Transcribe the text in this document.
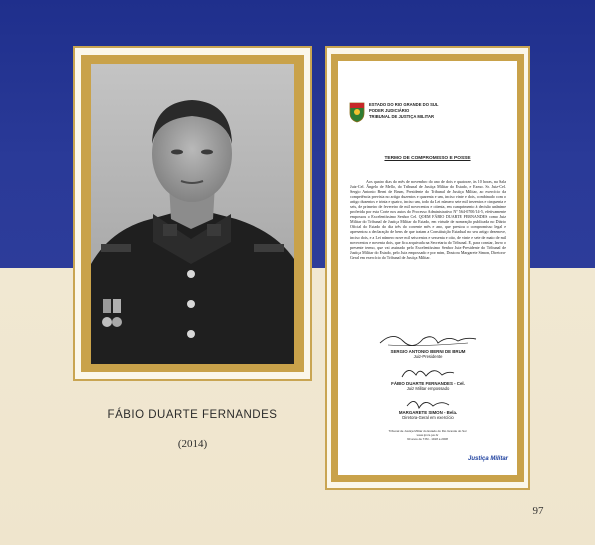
FÁBIO DUARTE FERNANDES
(2014)
ESTADO DO RIO GRANDE DO SUL
PODER JUDICIÁRIO
TRIBUNAL DE JUSTIÇA MILITAR
TERMO DE COMPROMISSO E POSSE
Aos quatro dias do mês de novembro do ano de dois e quatorze, às 10 horas, na Sala Juiz-Cel. Ângelo de Mello, do Tribunal de Justiça Militar do Estado, e Exmo. Sr. Juiz-Cel. Sergio Antonio Berni de Brum, Presidente do Tribunal de Justiça Militar, ao exercício da competência prevista no artigo duzentos e quarenta e um, inciso vinte e dois, combinado com o artigo duzentos e trinta e quatro, inciso um, todo da Lei número sete mil trezentos e cinquenta e seis, de primeiro de fevereiro de mil novecentos e oitenta, em cumprimento à decisão unânime proferida por esta Corte nos autos do Processo Administrativo Nº 564-0700/14-5, efetivamente empossou o Excelentíssimo Senhor Cel. QOEM FÁBIO DUARTE FERNANDES como Juiz Militar do Tribunal de Justiça Militar do Estado, em virtude de nomeação publicada no Diário Oficial do Estado do dia três do corrente mês e ano, que prestou o compromisso legal e apresentou a declaração de bens de que tratam a Constituição Estadual no seu artigo dezenove, inciso dois, e a Lei número nove mil seiscentos e sessenta e oito, de vinte e sete de maio de mil novecentos e noventa dois, que fica arquivada na Secretaria do Tribunal. E, para constar, lavro o presente termo, que vai assinado pelo Excelentíssimo Senhor Juiz-Presidente do Tribunal de Justiça Militar do Estado, pelo Juiz empossado e por mim, Doutora Margarete Simon, Diretora-Geral em exercício do Tribunal de Justiça Militar.
SERGIO ANTONIO BERNI DE BRUM
Juiz-Presidente
FÁBIO DUARTE FERNANDES - Cel.
Juiz Militar empossado
MARGARETE SIMON - Bela.
Diretora-Geral em exercício
Tribunal de Justiça Militar do Estado do Rio Grande do Sul
www.tjmrs.jus.br
90 anos de TJM - 1918 a 2008
Justiça Militar
97
